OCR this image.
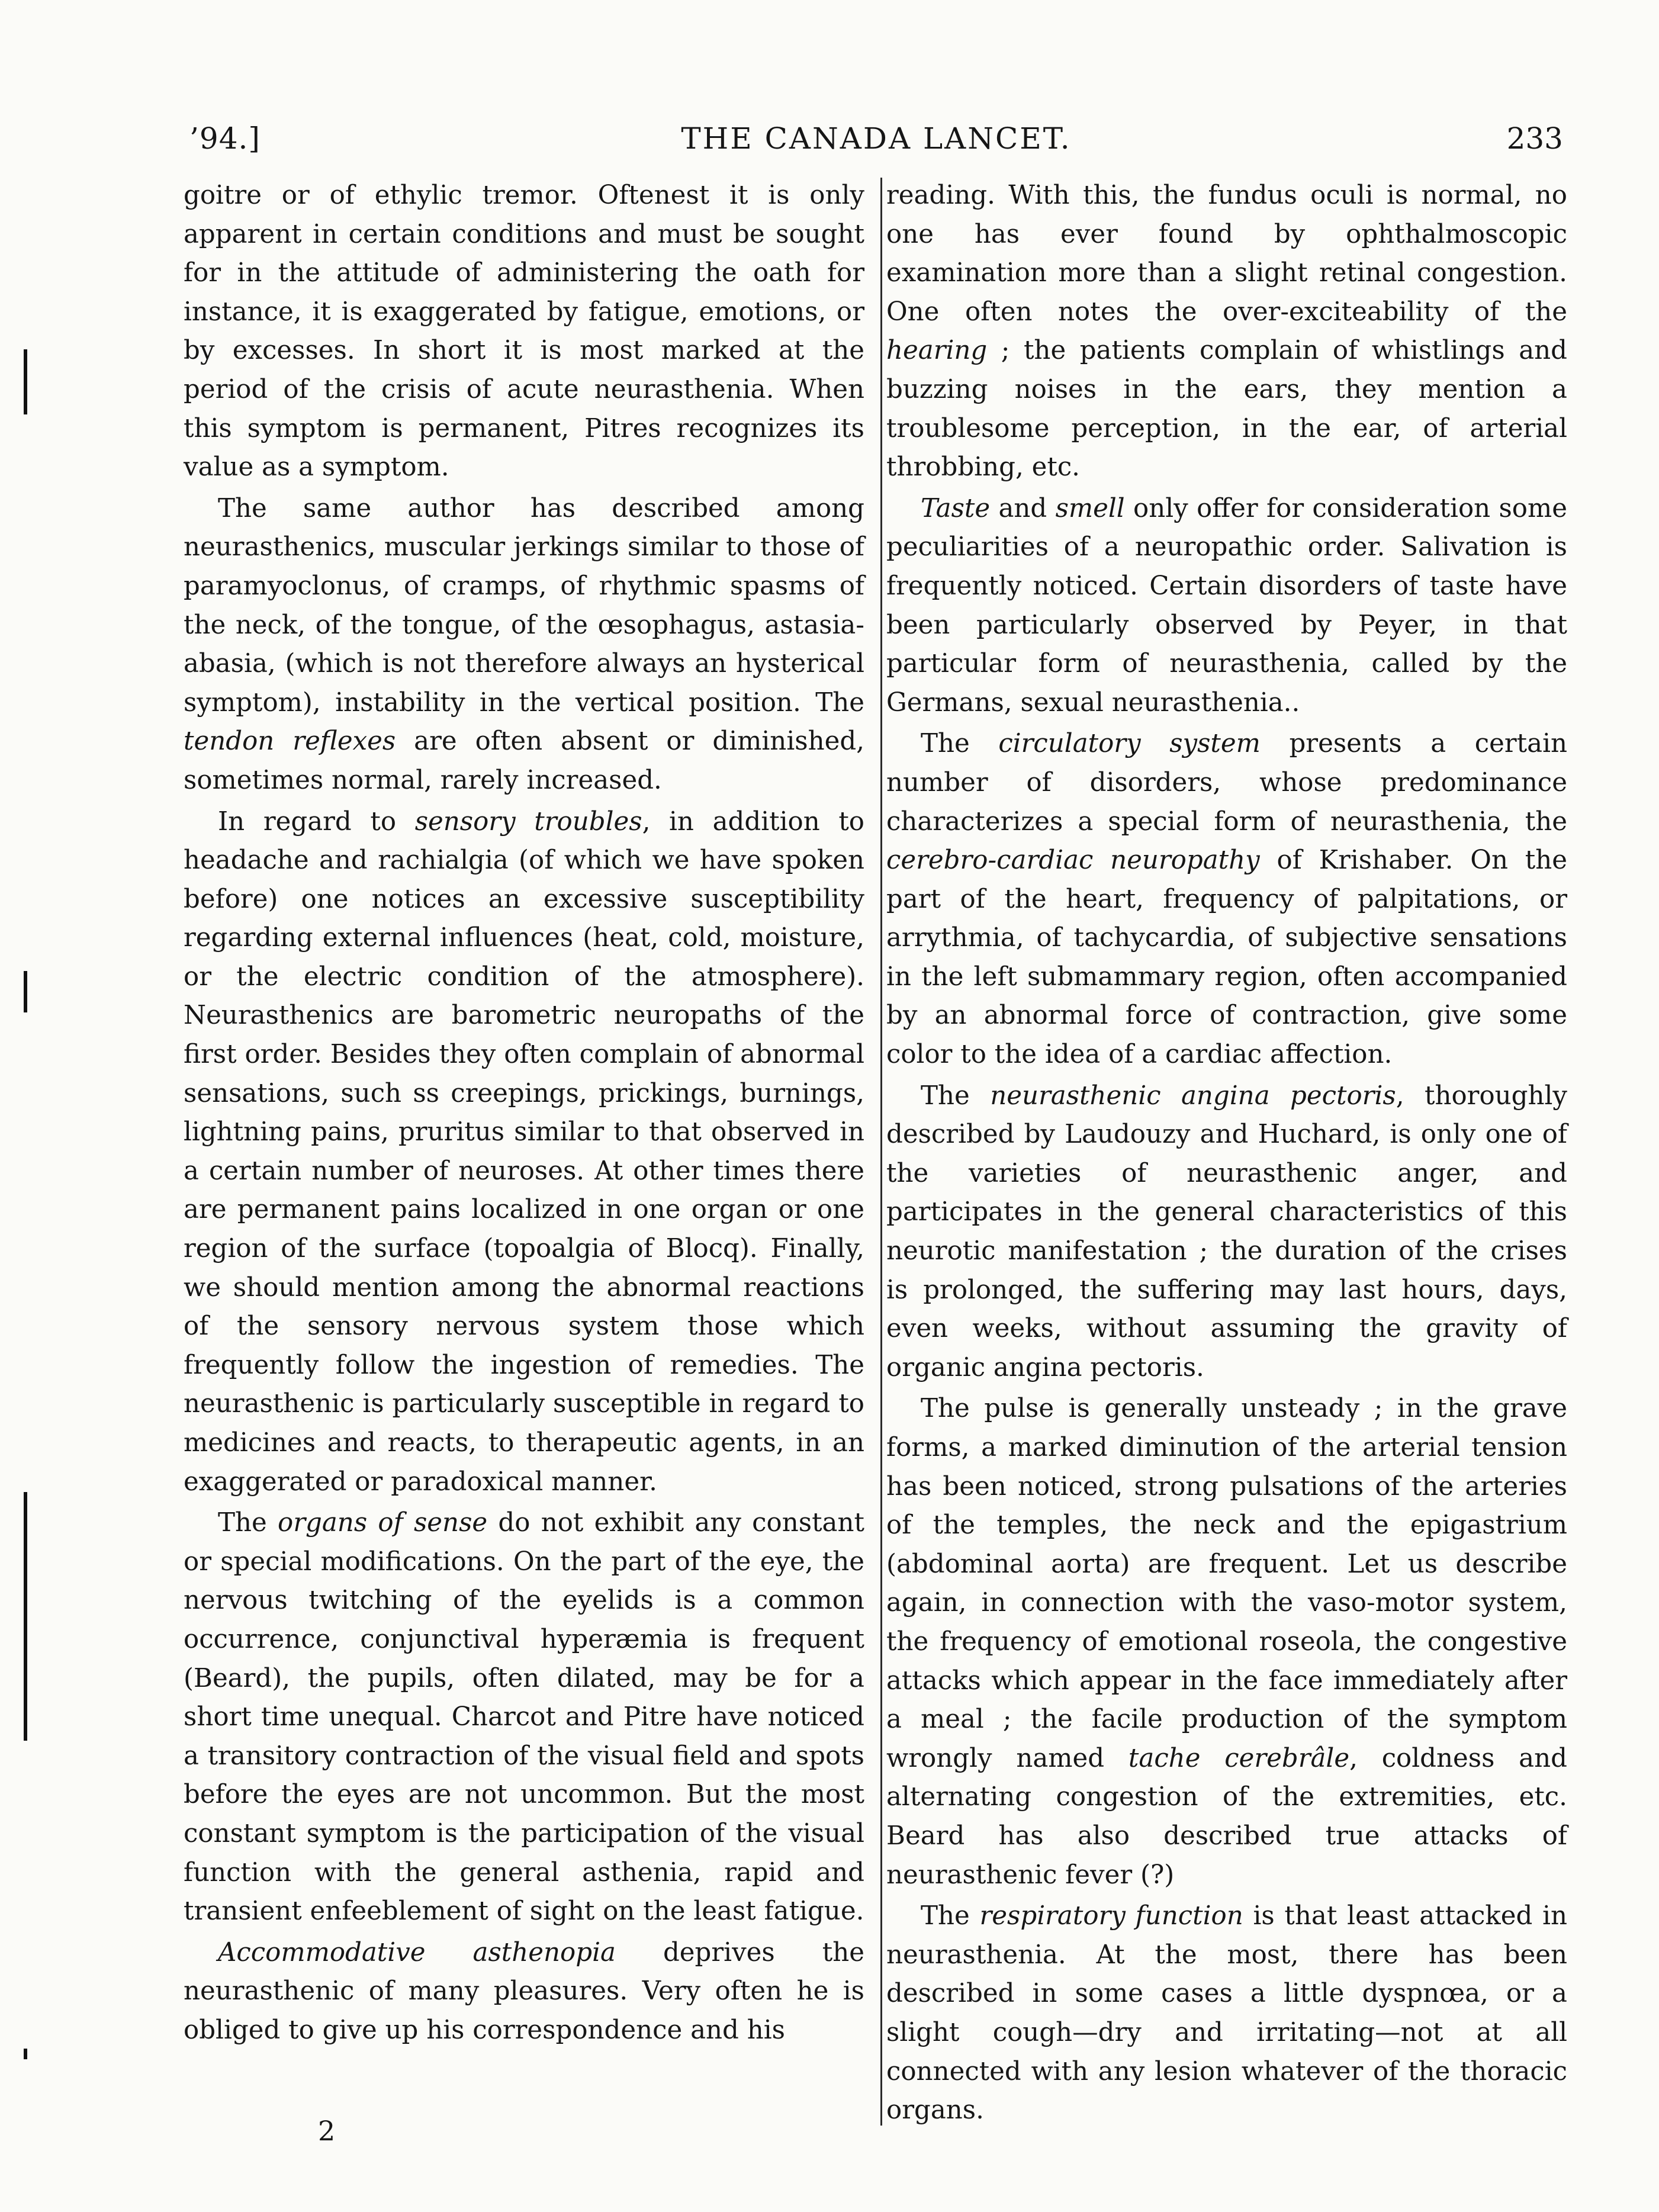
’94.]	THE CANADA LANCET.	233

goitre or of ethylic tremor. Oftenest it is only apparent in certain conditions and must be sought for in the attitude of administering the oath for instance, it is exaggerated by fatigue, emotions, or by excesses. In short it is most marked at the period of the crisis of acute neurasthenia. When this symptom is permanent, Pitres recognizes its value as a symptom.

The same author has described among neurasthenics, muscular jerkings similar to those of paramyoclonus, of cramps, of rhythmic spasms of the neck, of the tongue, of the œsophagus, astasia-abasia, (which is not therefore always an hysterical symptom), instability in the vertical position. The tendon reflexes are often absent or diminished, sometimes normal, rarely increased.

In regard to sensory troubles, in addition to headache and rachialgia (of which we have spoken before) one notices an excessive susceptibility regarding external influences (heat, cold, moisture, or the electric condition of the atmosphere). Neurasthenics are barometric neuropaths of the first order. Besides they often complain of abnormal sensations, such ss creepings, prickings, burnings, lightning pains, pruritus similar to that observed in a certain number of neuroses. At other times there are permanent pains localized in one organ or one region of the surface (topoalgia of Blocq). Finally, we should mention among the abnormal reactions of the sensory nervous system those which frequently follow the ingestion of remedies. The neurasthenic is particularly susceptible in regard to medicines and reacts, to therapeutic agents, in an exaggerated or paradoxical manner.

The organs of sense do not exhibit any constant or special modifications. On the part of the eye, the nervous twitching of the eyelids is a common occurrence, conjunctival hyperæmia is frequent (Beard), the pupils, often dilated, may be for a short time unequal. Charcot and Pitre have noticed a transitory contraction of the visual field and spots before the eyes are not uncommon. But the most constant symptom is the participation of the visual function with the general asthenia, rapid and transient enfeeblement of sight on the least fatigue.

Accommodative asthenopia deprives the neurasthenic of many pleasures. Very often he is obliged to give up his correspondence and his

reading. With this, the fundus oculi is normal, no one has ever found by ophthalmoscopic examination more than a slight retinal congestion. One often notes the over-exciteability of the hearing ; the patients complain of whistlings and buzzing noises in the ears, they mention a troublesome perception, in the ear, of arterial throbbing, etc.

Taste and smell only offer for consideration some peculiarities of a neuropathic order. Salivation is frequently noticed. Certain disorders of taste have been particularly observed by Peyer, in that particular form of neurasthenia, called by the Germans, sexual neurasthenia..

The circulatory system presents a certain number of disorders, whose predominance characterizes a special form of neurasthenia, the cerebro-cardiac neuropathy of Krishaber. On the part of the heart, frequency of palpitations, or arrythmia, of tachycardia, of subjective sensations in the left submammary region, often accompanied by an abnormal force of contraction, give some color to the idea of a cardiac affection.

The neurasthenic angina pectoris, thoroughly described by Laudouzy and Huchard, is only one of the varieties of neurasthenic anger, and participates in the general characteristics of this neurotic manifestation ; the duration of the crises is prolonged, the suffering may last hours, days, even weeks, without assuming the gravity of organic angina pectoris.

The pulse is generally unsteady ; in the grave forms, a marked diminution of the arterial tension has been noticed, strong pulsations of the arteries of the temples, the neck and the epigastrium (abdominal aorta) are frequent. Let us describe again, in connection with the vaso-motor system, the frequency of emotional roseola, the congestive attacks which appear in the face immediately after a meal ; the facile production of the symptom wrongly named tache cerebrâle, coldness and alternating congestion of the extremities, etc. Beard has also described true attacks of neurasthenic fever (?)

The respiratory function is that least attacked in neurasthenia. At the most, there has been described in some cases a little dyspnœa, or a slight cough—dry and irritating—not at all connected with any lesion whatever of the thoracic organs.

2
